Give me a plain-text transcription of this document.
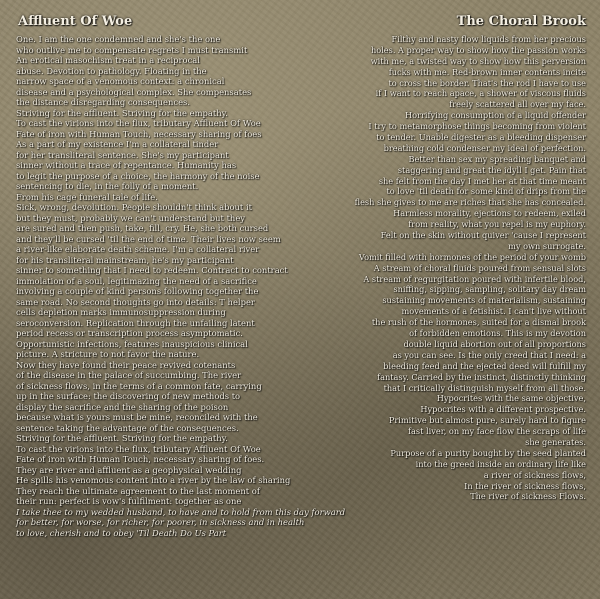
Affluent Of Woe
One. I am the one condemned and she's the one
who outlive me to compensate regrets I must transmit
An erotical masochism treat in a reciprocal
abuse. Devotion to pathology. Floating in the
narrow space of a venomous context: a chronical
disease and a psychological complex. She compensates
the distance disregarding consequences.
Striving for the affluent. Striving for the empathy.
To cast the virions into the flux, tributary Affluent Of Woe
Fate of iron with Human Touch, necessary sharing of foes
As a part of my existence I'm a collateral tinder
for her transliteral sentence. She's my participant
sinner without a trace of repentance. Humanity has
to legit the purpose of a choice, the harmony of the noise
sentencing to die, in the folly of a moment.
From his cage funeral tale of life.
Sick, wrong, devolution. People shouldn't think about it
but they must, probably we can't understand but they
are sured and then push, take, fill, cry. He, she both cursed
and they'll be cursed 'til the end of time. Their lives now seem
a river-like elaborate death scheme. I'm a collateral river
for his transliteral mainstream, he's my participant
sinner to something that I need to redeem. Contract to contract
immolation of a soul, legitimazing the need of a sacrifice
involving a couple of kind persons following together the
same road. No second thoughts go into details: T helper
cells depletion marks immunosuppression during
seroconversion. Replication through the unfailing latent
period recess or transcription process asymptomatic.
Opportunistic infections, features inauspicious clinical
picture. A stricture to not favor the nature.
Now they have found their peace revived cotenants
of the disease in the palace of succumbing. The river
of sickness flows, in the terms of a common fate, carrying
up in the surface: the discovering of new methods to
display the sacrifice and the sharing of the poison
because what is yours must be mine, reconciled with the
sentence taking the advantage of the consequences.
Striving for the affluent. Striving for the empathy.
To cast the virions into the flux, tributary Affluent Of Woe
Fate of iron with Human Touch, necessary sharing of foes.
They are river and affluent as a geophysical wedding
He spills his venomous content into a river by the law of sharing
They reach the ultimate agreement to the last moment of
their run: perfect is vow's fulfilment: together as one
I take thee to my wedded husband, to have and to hold from this day forward
for better, for worse, for richer, for poorer, in sickness and in health
to love, cherish and to obey 'Til Death Do Us Part
The Choral Brook
Filthy and nasty flow liquids from her precious
holes. A proper way to show how the passion works
with me, a twisted way to show how this perversion
fucks with me. Red-brown inner contents incite
to cross the border. That's the rod I have to use
if I want to reach apace, a shower of viscous fluids
freely scattered all over my face.
Horrifying consumption of a liquid offender
I try to metamorphose things becoming from violent
to tender. Unable digester as a bleeding dispenser
breathing cold condenser my ideal of perfection.
Better than sex my spreading banquet and
staggering and great the idyll I get. Pain that
she felt from the day I met her at that time meant
to love 'til death for some kind of drips from the
flesh she gives to me are riches that she has concealed.
Harmless morality, ejections to redeem, exiled
from reality, what you repel is my euphory.
Felt on the skin without quiver 'cause I represent
my own surrogate.
Vomit filled with hormones of the period of your womb
A stream of choral fluids poured from sensual slots
A stream of regurgitation poured with infertile blood,
sniffing, sipping, sampling, solitary day dream
sustaining movements of materialism, sustaining
movements of a fetishist. I can't live without
the rush of the hormones, suited for a dismal brook
of forbidden emotions. This is my devotion
double liquid abortion out of all proportions
as you can see. Is the only creed that I need: a
bleeding feed and the ejected deed will fulfill my
fantasy. Carried by the instinct, distinctly thinking
that I critically distinguish myself from all those.
Hypocrites with the same objective,
Hypocrites with a different prospective.
Primitive but almost pure, surely hard to figure
fast liver, on my face flow the scraps of life
she generates.
Purpose of a purity bought by the seed planted
into the greed inside an ordinary life like
a river of sickness flows,
In the river of sickness flows,
The river of sickness Flows.
